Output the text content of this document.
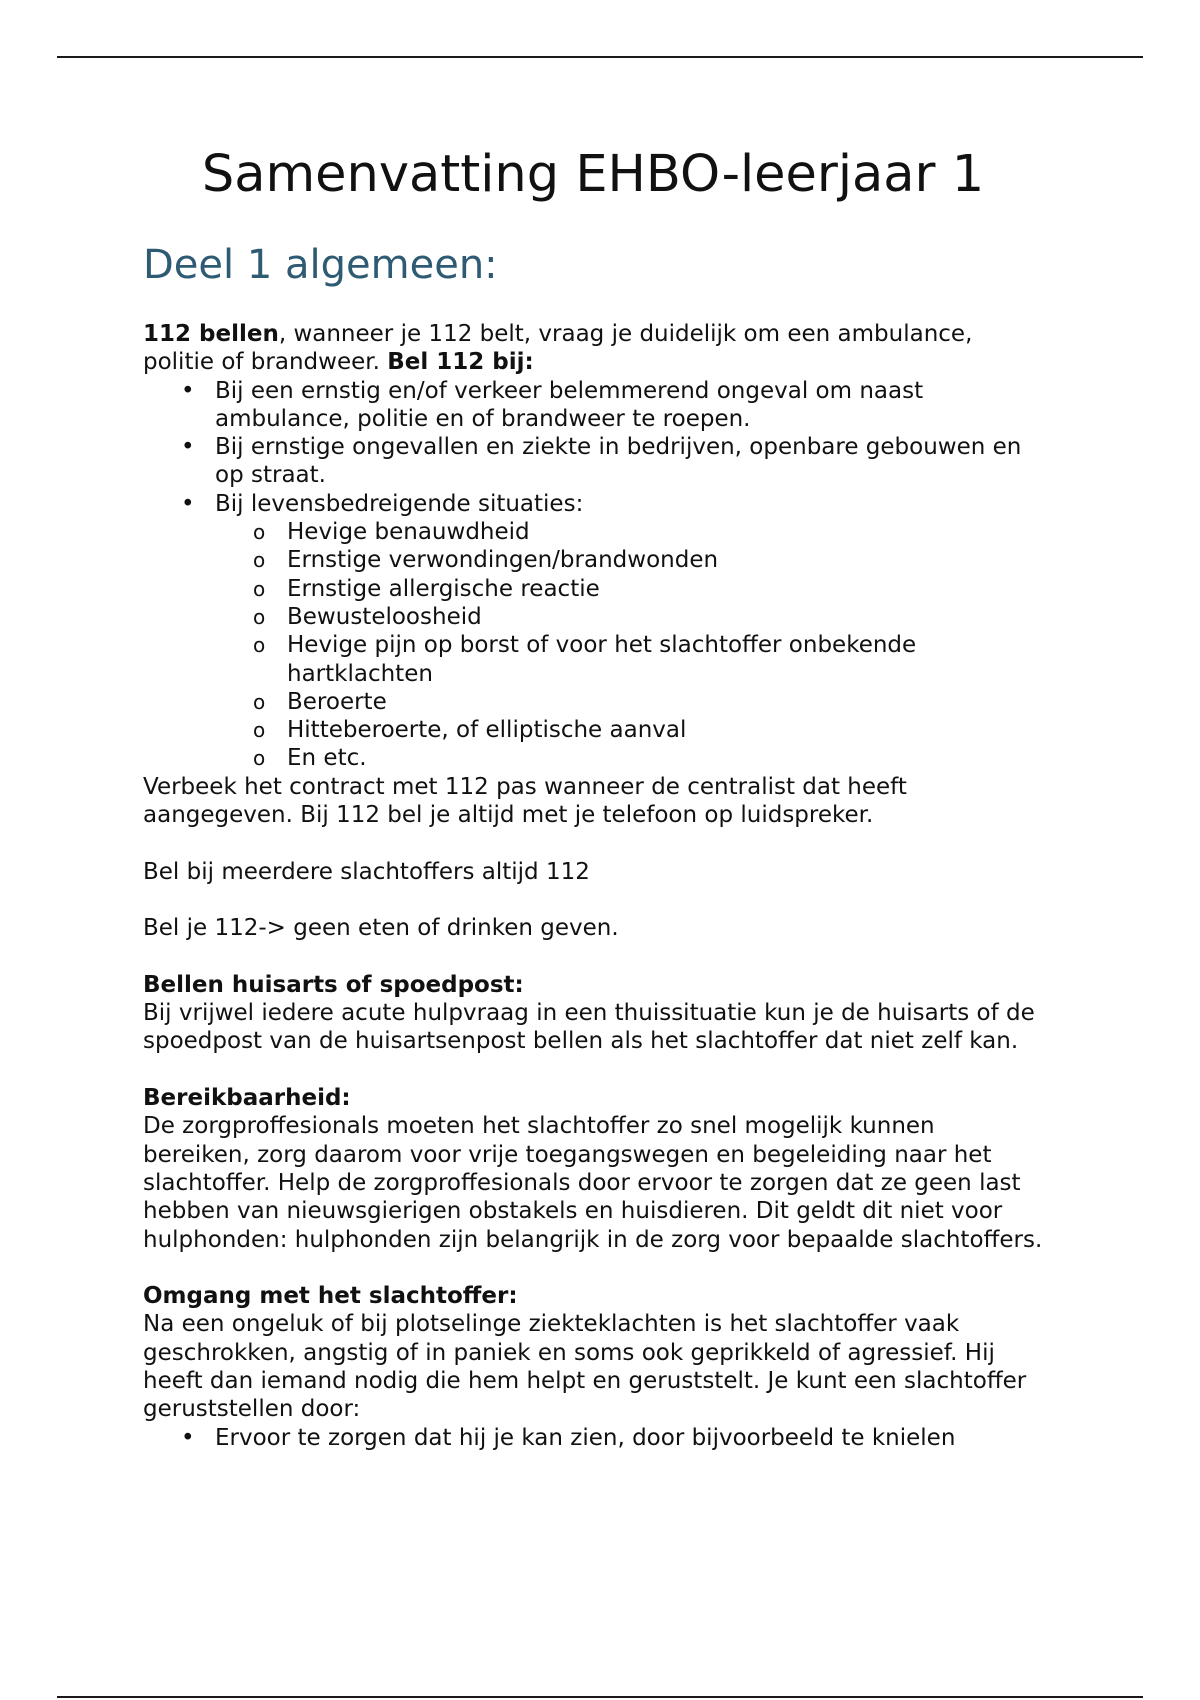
Samenvatting EHBO-leerjaar 1
Deel 1 algemeen:

112 bellen, wanneer je 112 belt, vraag je duidelijk om een ambulance, politie of brandweer. Bel 112 bij:

• Bij een ernstig en/of verkeer belemmerend ongeval om naast ambulance, politie en of brandweer te roepen.
• Bij ernstige ongevallen en ziekte in bedrijven, openbare gebouwen en op straat.
• Bij levensbedreigende situaties:
o Hevige benauwdheid
o Ernstige verwondingen/brandwonden
o Ernstige allergische reactie
o Bewusteloosheid
o Hevige pijn op borst of voor het slachtoffer onbekende hartklachten
o Beroerte
o Hitteberoerte, of elliptische aanval
o En etc.

Verbeek het contract met 112 pas wanneer de centralist dat heeft aangegeven. Bij 112 bel je altijd met je telefoon op luidspreker.

Bel bij meerdere slachtoffers altijd 112

Bel je 112-> geen eten of drinken geven.

Bellen huisarts of spoedpost:

Bij vrijwel iedere acute hulpvraag in een thuissituatie kun je de huisarts of de spoedpost van de huisartsenpost bellen als het slachtoffer dat niet zelf kan.

Bereikbaarheid:

De zorgproffesionals moeten het slachtoffer zo snel mogelijk kunnen bereiken, zorg daarom voor vrije toegangswegen en begeleiding naar het slachtoffer. Help de zorgproffesionals door ervoor te zorgen dat ze geen last hebben van nieuwsgierigen obstakels en huisdieren. Dit geldt dit niet voor hulphonden: hulphonden zijn belangrijk in de zorg voor bepaalde slachtoffers.

Omgang met het slachtoffer:

Na een ongeluk of bij plotselinge ziekteklachten is het slachtoffer vaak geschrokken, angstig of in paniek en soms ook geprikkeld of agressief. Hij heeft dan iemand nodig die hem helpt en geruststelt. Je kunt een slachtoffer geruststellen door:

• Ervoor te zorgen dat hij je kan zien, door bijvoorbeeld te knielen
